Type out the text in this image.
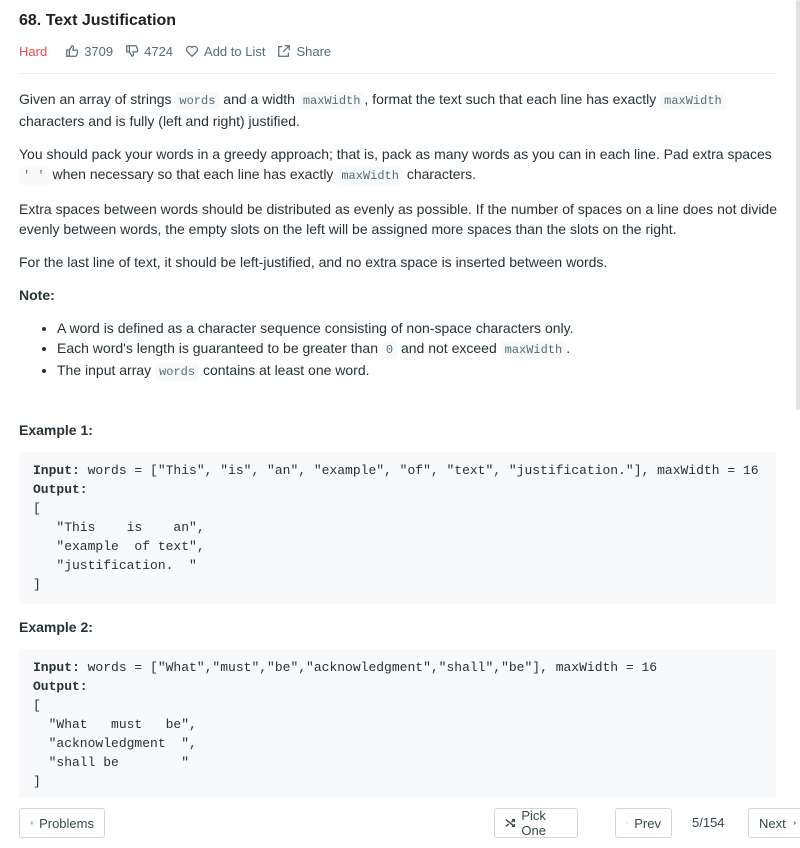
68. Text Justification
Hard	3709 4724 Add to List Share

Given an array of strings words and a width maxWidth , format the text such that each line has exactly maxWidth characters and is fully (left and right) justified.

You should pack your words in a greedy approach; that is, pack as many words as you can in each line. Pad extra spaces ' ' when necessary so that each line has exactly maxWidth characters.

Extra spaces between words should be distributed as evenly as possible. If the number of spaces on a line does not divide evenly between words, the empty slots on the left will be assigned more spaces than the slots on the right.

For the last line of text, it should be left-justified, and no extra space is inserted between words.

Note:

• A word is defined as a character sequence consisting of non-space characters only.
• Each word's length is guaranteed to be greater than 0 and not exceed maxWidth .
• The input array words contains at least one word.
Example 1:
Input: words = ["This", "is", "an", "example", "of", "text", "justification."], maxWidth = 16
Output:
[
"This    is    an",
"example  of text",
"justification.  "
]
Example 2:
Input: words = ["What","must","be","acknowledgment","shall","be"], maxWidth = 16
Output:
[
"What   must   be",
"acknowledgment  ",
"shall be        "
]
Problems	Pick One	Prev 5/154	Next
